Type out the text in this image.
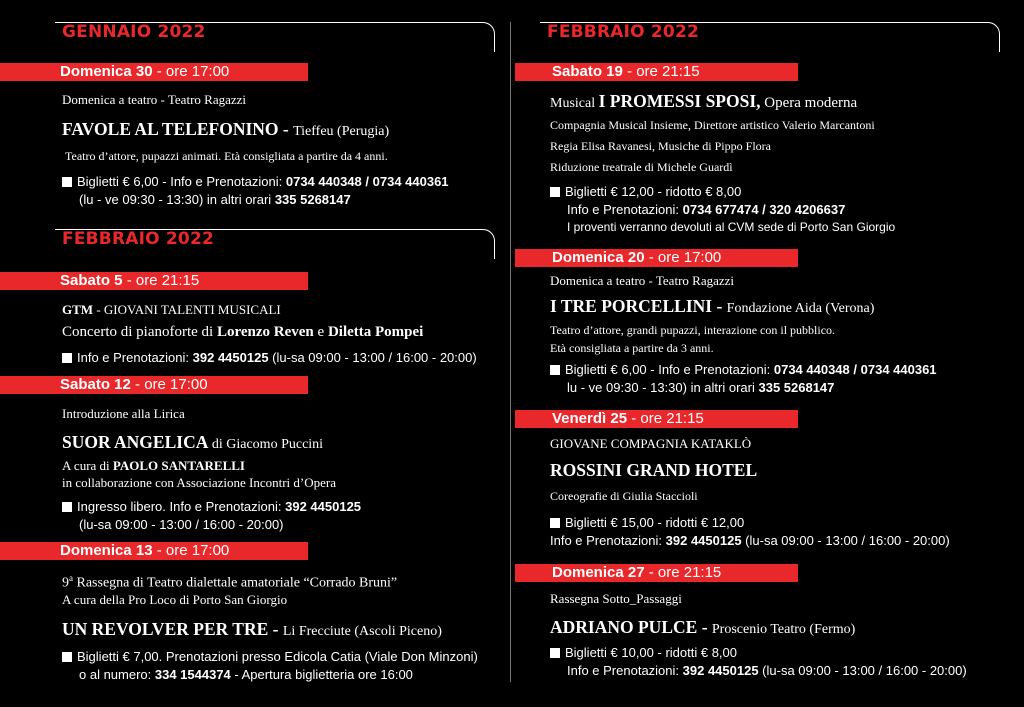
GENNAIO 2022
Domenica 30 - ore 17:00
Domenica a teatro - Teatro Ragazzi
FAVOLE AL TELEFONINO - Tieffeu (Perugia)
Teatro d’attore, pupazzi animati. Età consigliata a partire da 4 anni.
Biglietti € 6,00 - Info e Prenotazioni: 0734 440348 / 0734 440361
(lu - ve 09:30 - 13:30) in altri orari 335 5268147
FEBBRAIO 2022
Sabato 5 - ore 21:15
GTM - GIOVANI TALENTI MUSICALI
Concerto di pianoforte di Lorenzo Reven e Diletta Pompei
Info e Prenotazioni: 392 4450125 (lu-sa 09:00 - 13:00 / 16:00 - 20:00)
Sabato 12 - ore 17:00
Introduzione alla Lirica
SUOR ANGELICA di Giacomo Puccini
A cura di PAOLO SANTARELLI
in collaborazione con Associazione Incontri d’Opera
Ingresso libero. Info e Prenotazioni: 392 4450125
(lu-sa 09:00 - 13:00 / 16:00 - 20:00)
Domenica 13 - ore 17:00
9$^a$ Rassegna di Teatro dialettale amatoriale “Corrado Bruni”
A cura della Pro Loco di Porto San Giorgio
UN REVOLVER PER TRE - Li Frecciute (Ascoli Piceno)
Biglietti € 7,00. Prenotazioni presso Edicola Catia (Viale Don Minzoni)
o al numero: 334 1544374 - Apertura biglietteria ore 16:00
FEBBRAIO 2022
Sabato 19 - ore 21:15
Musical I PROMESSI SPOSI, Opera moderna
Compagnia Musical Insieme, Direttore artistico Valerio Marcantoni
Regia Elisa Ravanesi, Musiche di Pippo Flora
Riduzione treatrale di Michele Guardì
Biglietti € 12,00 - ridotto € 8,00
Info e Prenotazioni: 0734 677474 / 320 4206637
I proventi verranno devoluti al CVM sede di Porto San Giorgio
Domenica 20 - ore 17:00
Domenica a teatro - Teatro Ragazzi
I TRE PORCELLINI - Fondazione Aida (Verona)
Teatro d’attore, grandi pupazzi, interazione con il pubblico.
Età consigliata a partire da 3 anni.
Biglietti € 6,00 - Info e Prenotazioni: 0734 440348 / 0734 440361
lu - ve 09:30 - 13:30) in altri orari 335 5268147
Venerdì 25 - ore 21:15
GIOVANE COMPAGNIA KATAKLÒ
ROSSINI GRAND HOTEL
Coreografie di Giulia Staccioli
Biglietti € 15,00 - ridotti € 12,00
Info e Prenotazioni: 392 4450125 (lu-sa 09:00 - 13:00 / 16:00 - 20:00)
Domenica 27 - ore 21:15
Rassegna Sotto_Passaggi
ADRIANO PULCE - Proscenio Teatro (Fermo)
Biglietti € 10,00 - ridotti € 8,00
Info e Prenotazioni: 392 4450125 (lu-sa 09:00 - 13:00 / 16:00 - 20:00)
